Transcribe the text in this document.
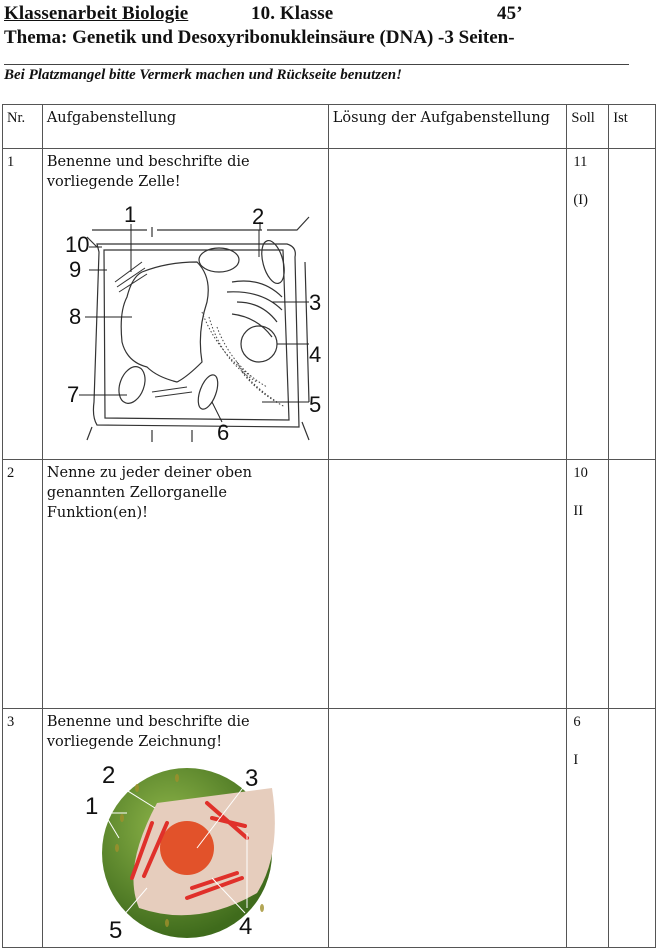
Klassenarbeit Biologie	10. Klasse	45’
Thema: Genetik und Desoxyribonukleinsäure (DNA) -3 Seiten-
Bei Platzmangel bitte Vermerk machen und Rückseite benutzen!
Nr.	Aufgabenstellung	Lösung der Aufgabenstellung	Soll	Ist
1	Benenne und beschrifte die vorliegende Zelle!
1	2
3
4
5
6
7
8
9
10
		11
(I)

2	Nenne zu jeder deiner oben genannten Zellorganelle Funktion(en)!		10
II	

3	Benenne und beschrifte die vorliegende Zeichnung!
1
2	3
4
5
		6
I
